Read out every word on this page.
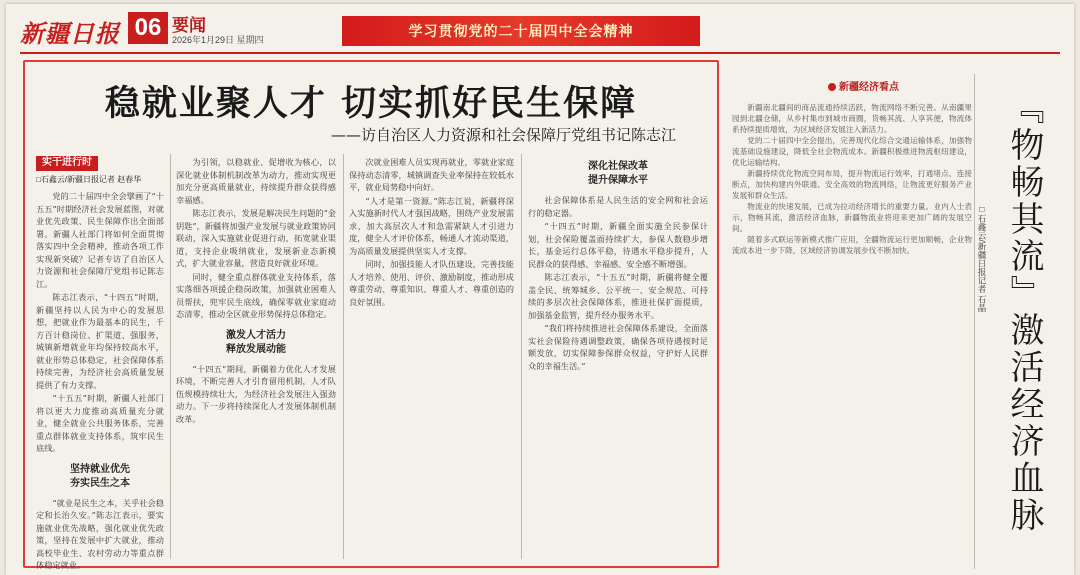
新疆日报 06 要闻
2026年1月29日 星期四
学习贯彻党的二十届四中全会精神
稳就业聚人才 切实抓好民生保障
——访自治区人力资源和社会保障厅党组书记陈志江
实干进行时
□石鑫云/新疆日报记者 赵春华

党的二十届四中全会擘画了“十五五”时期经济社会发展蓝图，对就业优先政策、民生保障作出全面部署。新疆人社部门将如何全面贯彻落实四中全会精神，推动各项工作实现新突破？记者专访了自治区人力资源和社会保障厅党组书记陈志江。

陈志江表示，“十四五”时期，新疆坚持以人民为中心的发展思想，把就业作为最基本的民生，千方百计稳岗位、扩渠道、强服务，城镇新增就业年均保持较高水平，就业形势总体稳定，社会保障体系持续完善，为经济社会高质量发展提供了有力支撑。

“十五五”时期，新疆人社部门将以更大力度推动高质量充分就业，健全就业公共服务体系，完善重点群体就业支持体系，筑牢民生底线。

坚持就业优先
夯实民生之本

“就业是民生之本，关乎社会稳定和长治久安。”陈志江表示，要实施就业优先战略，强化就业优先政策，坚持在发展中扩大就业，推动高校毕业生、农村劳动力等重点群体稳定就业。

为引领，以稳就业、促增收为核心，以深化就业体制机制改革为动力，推动实现更加充分更高质量就业，持续提升群众获得感幸福感。

陈志江表示，发展是解决民生问题的“金钥匙”，新疆将加强产业发展与就业政策协同联动，深入实施就业促进行动，拓宽就业渠道，支持企业吸纳就业，发展新业态新模式，扩大就业容量，营造良好就业环境。

同时，健全重点群体就业支持体系，落实落细各项援企稳岗政策，加强就业困难人员帮扶，兜牢民生底线，确保零就业家庭动态清零，推动全区就业形势保持总体稳定。

激发人才活力
释放发展动能

“十四五”期间，新疆着力优化人才发展环境，不断完善人才引育留用机制，人才队伍规模持续壮大，为经济社会发展注入强劲动力。下一步将持续深化人才发展体制机制改革。

次就业困难人员实现再就业，零就业家庭保持动态清零，城镇调查失业率保持在较低水平，就业局势稳中向好。

“人才是第一资源。”陈志江说，新疆将深入实施新时代人才强国战略，围绕产业发展需求，加大高层次人才和急需紧缺人才引进力度，健全人才评价体系，畅通人才流动渠道，为高质量发展提供坚实人才支撑。

同时，加强技能人才队伍建设，完善技能人才培养、使用、评价、激励制度，推动形成尊重劳动、尊重知识、尊重人才、尊重创造的良好氛围。

深化社保改革
提升保障水平

社会保障体系是人民生活的安全网和社会运行的稳定器。

“十四五”时期，新疆全面实施全民参保计划，社会保险覆盖面持续扩大，参保人数稳步增长，基金运行总体平稳，待遇水平稳步提升，人民群众的获得感、幸福感、安全感不断增强。

陈志江表示，“十五五”时期，新疆将健全覆盖全民、统筹城乡、公平统一、安全规范、可持续的多层次社会保障体系，推进社保扩面提质，加强基金监管，提升经办服务水平。

“我们将持续推进社会保障体系建设，全面落实社会保险待遇调整政策，确保各项待遇按时足额发放，切实保障参保群众权益，守护好人民群众的幸福生活。”

新疆经济看点

新疆南北疆间的商品流通持续活跃，物流网络不断完善。从南疆果园到北疆仓储，从乡村集市到城市商圈，货畅其流、人享其便，物流体系持续提质增效，为区域经济发展注入新活力。

党的二十届四中全会提出，完善现代化综合交通运输体系，加强物流基础设施建设，降低全社会物流成本。新疆积极推进物流枢纽建设，优化运输结构。

新疆持续优化物流空间布局，提升物流运行效率，打通堵点、连接断点，加快构建内外联通、安全高效的物流网络，让物流更好服务产业发展和群众生活。

物流业的快速发展，已成为拉动经济增长的重要力量。业内人士表示，物畅其流，激活经济血脉，新疆物流业将迎来更加广阔的发展空间。

随着多式联运等新模式推广应用，全疆物流运行更加顺畅，企业物流成本进一步下降，区域经济协调发展步伐不断加快。	□石鑫云/新疆日报记者 石晶 『物畅其流』激活经济血脉
